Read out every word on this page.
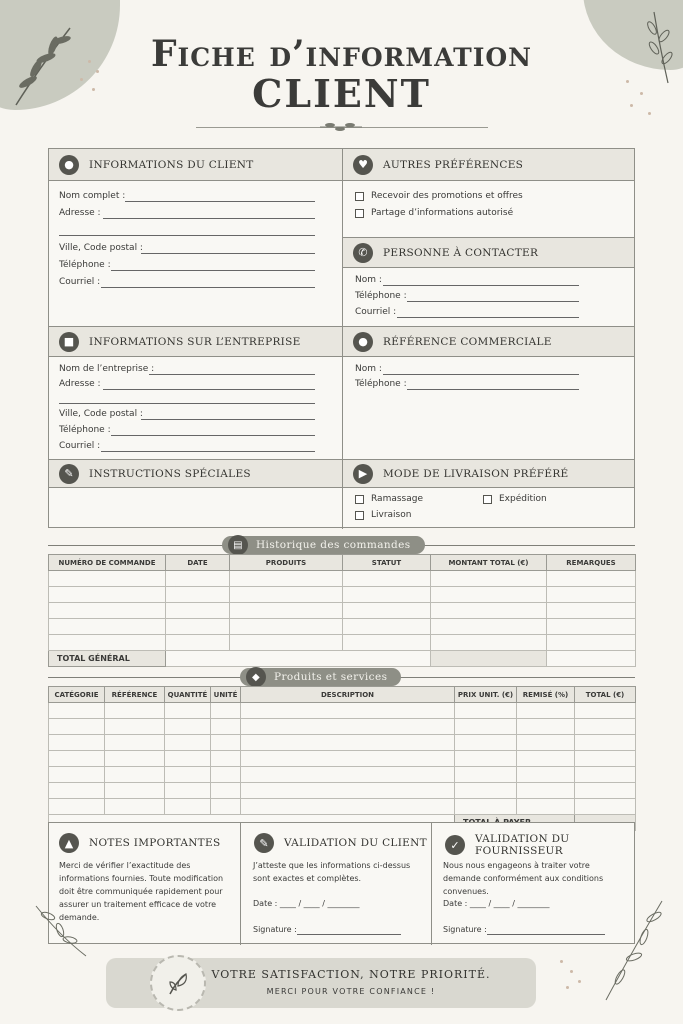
Fiche d’information
CLIENT
●	INFORMATIONS DU CLIENT	♥	AUTRES PRÉFÉRENCES
✆	PERSONNE À CONTACTER
■	INFORMATIONS SUR L’ENTREPRISE	●	RÉFÉRENCE COMMERCIALE
✎	INSTRUCTIONS SPÉCIALES	▶	MODE DE LIVRAISON PRÉFÉRÉ
Nom complet :
Adresse :
Ville, Code postal :
Téléphone :
Courriel :
Recevoir des promotions et offres
Partage d’informations autorisé
Nom :
Téléphone :
Courriel :
Nom de l’entreprise :
Adresse :
Ville, Code postal :
Téléphone :
Courriel :
Nom :
Téléphone :
Ramassage	Expédition
Livraison
▤	Historique des commandes
NUMÉRO DE COMMANDE	DATE	PRODUITS	STATUT	MONTANT TOTAL (€)	REMARQUES

TOTAL GÉNÉRAL					
◆	Produits et services
CATÉGORIE	RÉFÉRENCE	QUANTITÉ	UNITÉ	DESCRIPTION	PRIX UNIT. (€)	REMISÉ (%)	TOTAL (€)

▲	NOTES IMPORTANTES

Merci de vérifier l’exactitude des informations fournies. Toute modification doit être communiquée rapidement pour assurer un traitement efficace de votre demande.

✎	VALIDATION DU CLIENT

J’atteste que les informations ci-dessus sont exactes et complètes.

Date : ____ / ____ / ________
Signature :
✓	VALIDATION DU FOURNISSEUR

Nous nous engageons à traiter votre demande conformément aux conditions convenues.

Date : ____ / ____ / ________
Signature :
VOTRE SATISFACTION, NOTRE PRIORITÉ.
MERCI POUR VOTRE CONFIANCE !
